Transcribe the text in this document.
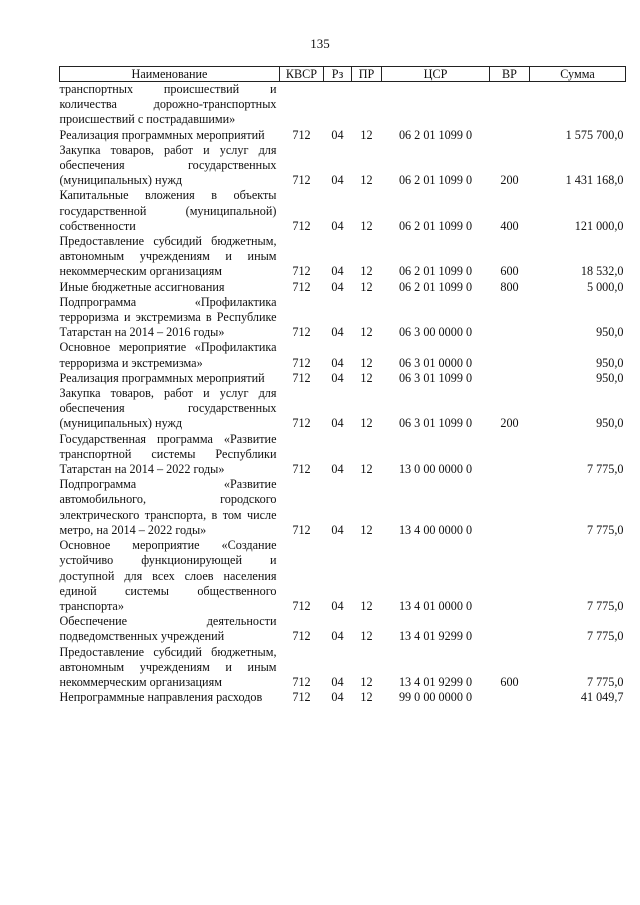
135
Наименование	КВСР	Рз	ПР	ЦСР	ВР	Сумма
транспортных происшествий и количества дорожно-транспортных происшествий с пострадавшими»						
Реализация программных мероприятий	712	04	12	06 2 01 1099 0		1 575 700,0
Закупка товаров, работ и услуг для обеспечения государственных (муниципальных) нужд	712	04	12	06 2 01 1099 0	200	1 431 168,0
Капитальные вложения в объекты государственной (муниципальной) собственности	712	04	12	06 2 01 1099 0	400	121 000,0
Предоставление субсидий бюджетным, автономным учреждениям и иным некоммерческим организациям	712	04	12	06 2 01 1099 0	600	18 532,0
Иные бюджетные ассигнования	712	04	12	06 2 01 1099 0	800	5 000,0
Подпрограмма «Профилактика терроризма и экстремизма в Республике Татарстан на 2014 – 2016 годы»	712	04	12	06 3 00 0000 0		950,0
Основное мероприятие «Профилактика терроризма и экстремизма»	712	04	12	06 3 01 0000 0		950,0
Реализация программных мероприятий	712	04	12	06 3 01 1099 0		950,0
Закупка товаров, работ и услуг для обеспечения государственных (муниципальных) нужд	712	04	12	06 3 01 1099 0	200	950,0
Государственная программа «Развитие транспортной системы Республики Татарстан на 2014 – 2022 годы»	712	04	12	13 0 00 0000 0		7 775,0
Подпрограмма «Развитие автомобильного, городского электрического транспорта, в том числе метро, на 2014 – 2022 годы»	712	04	12	13 4 00 0000 0		7 775,0
Основное мероприятие «Создание устойчиво функционирующей и доступной для всех слоев населения единой системы общественного транспорта»	712	04	12	13 4 01 0000 0		7 775,0
Обеспечение деятельности подведомственных учреждений	712	04	12	13 4 01 9299 0		7 775,0
Предоставление субсидий бюджетным, автономным учреждениям и иным некоммерческим организациям	712	04	12	13 4 01 9299 0	600	7 775,0
Непрограммные направления расходов	712	04	12	99 0 00 0000 0		41 049,7
